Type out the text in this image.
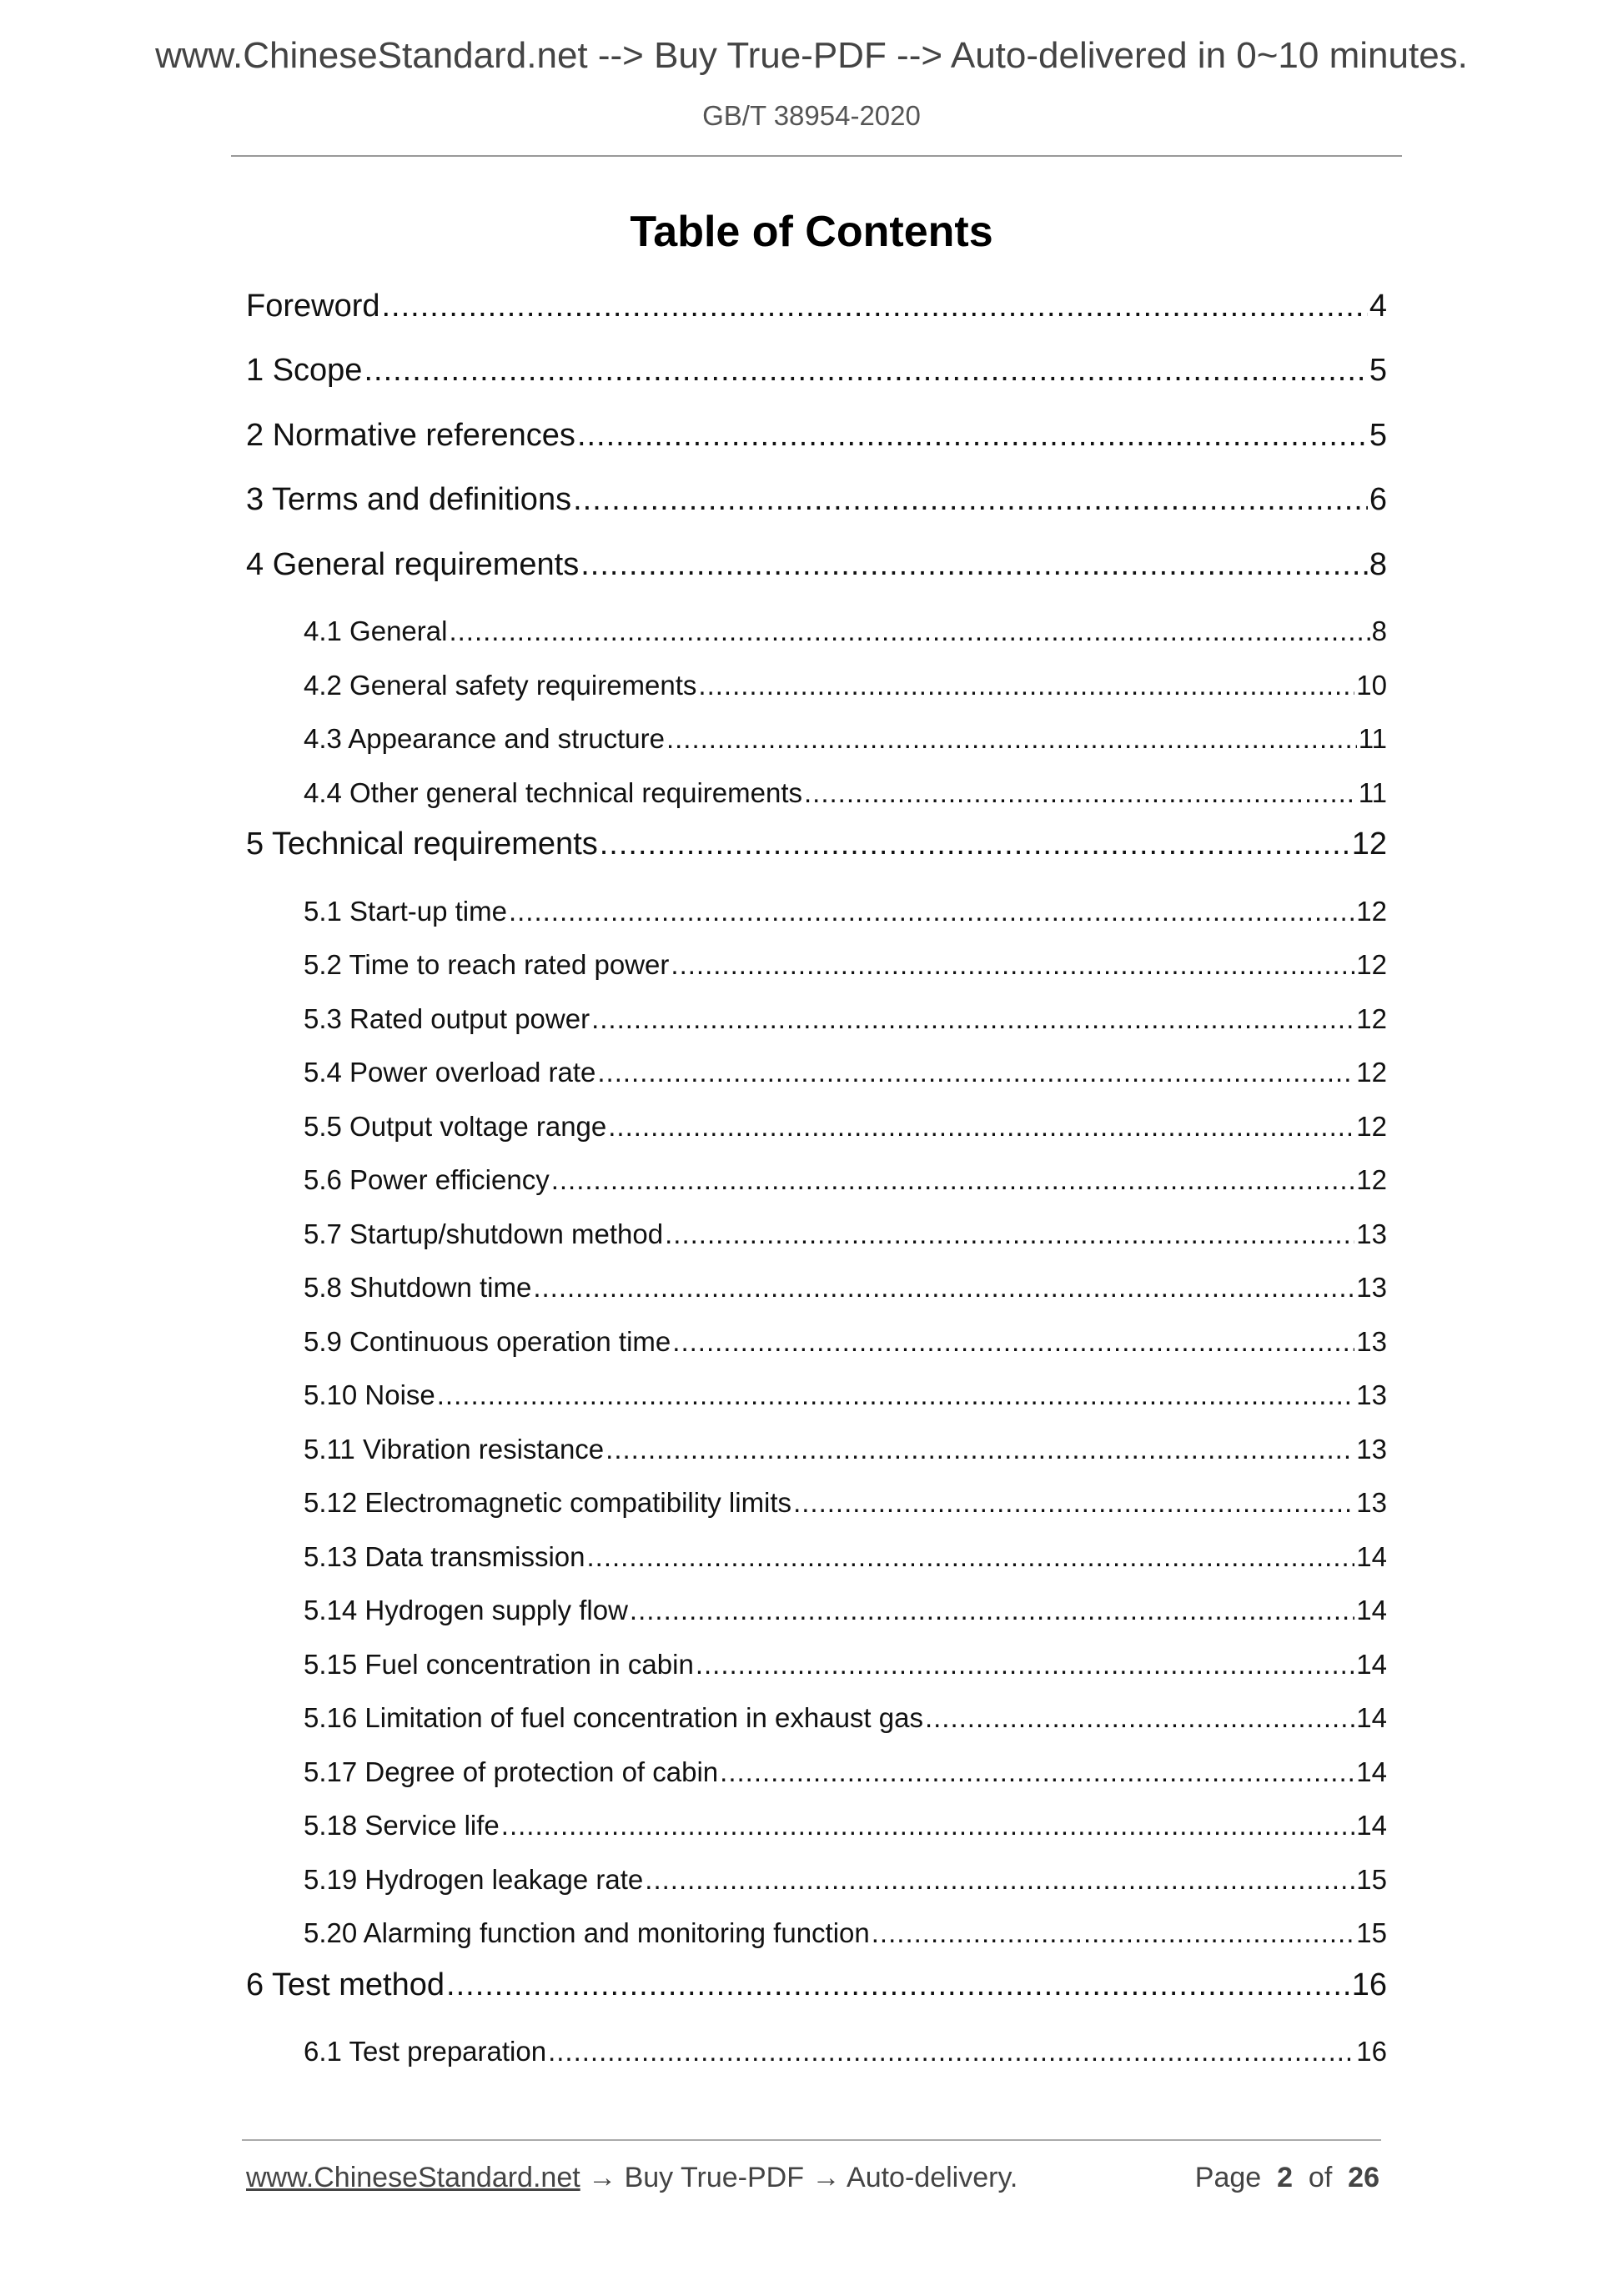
www.ChineseStandard.net --> Buy True-PDF --> Auto-delivered in 0~10 minutes.
GB/T 38954-2020
Table of Contents
Foreword .....	4
1 Scope .....	5
2 Normative references .....	5
3 Terms and definitions .....	6
4 General requirements .....	8
4.1 General .....	8
4.2 General safety requirements .....	10
4.3 Appearance and structure .....	11
4.4 Other general technical requirements .....	11
5 Technical requirements .....	12
5.1 Start-up time .....	12
5.2 Time to reach rated power .....	12
5.3 Rated output power .....	12
5.4 Power overload rate .....	12
5.5 Output voltage range .....	12
5.6 Power efficiency .....	12
5.7 Startup/shutdown method .....	13
5.8 Shutdown time .....	13
5.9 Continuous operation time .....	13
5.10 Noise .....	13
5.11 Vibration resistance .....	13
5.12 Electromagnetic compatibility limits .....	13
5.13 Data transmission .....	14
5.14 Hydrogen supply flow .....	14
5.15 Fuel concentration in cabin .....	14
5.16 Limitation of fuel concentration in exhaust gas .....	14
5.17 Degree of protection of cabin .....	14
5.18 Service life .....	14
5.19 Hydrogen leakage rate .....	15
5.20 Alarming function and monitoring function .....	15
6 Test method .....	16
6.1 Test preparation .....	16
www.ChineseStandard.net → Buy True-PDF → Auto-delivery.	Page 2 of 26
